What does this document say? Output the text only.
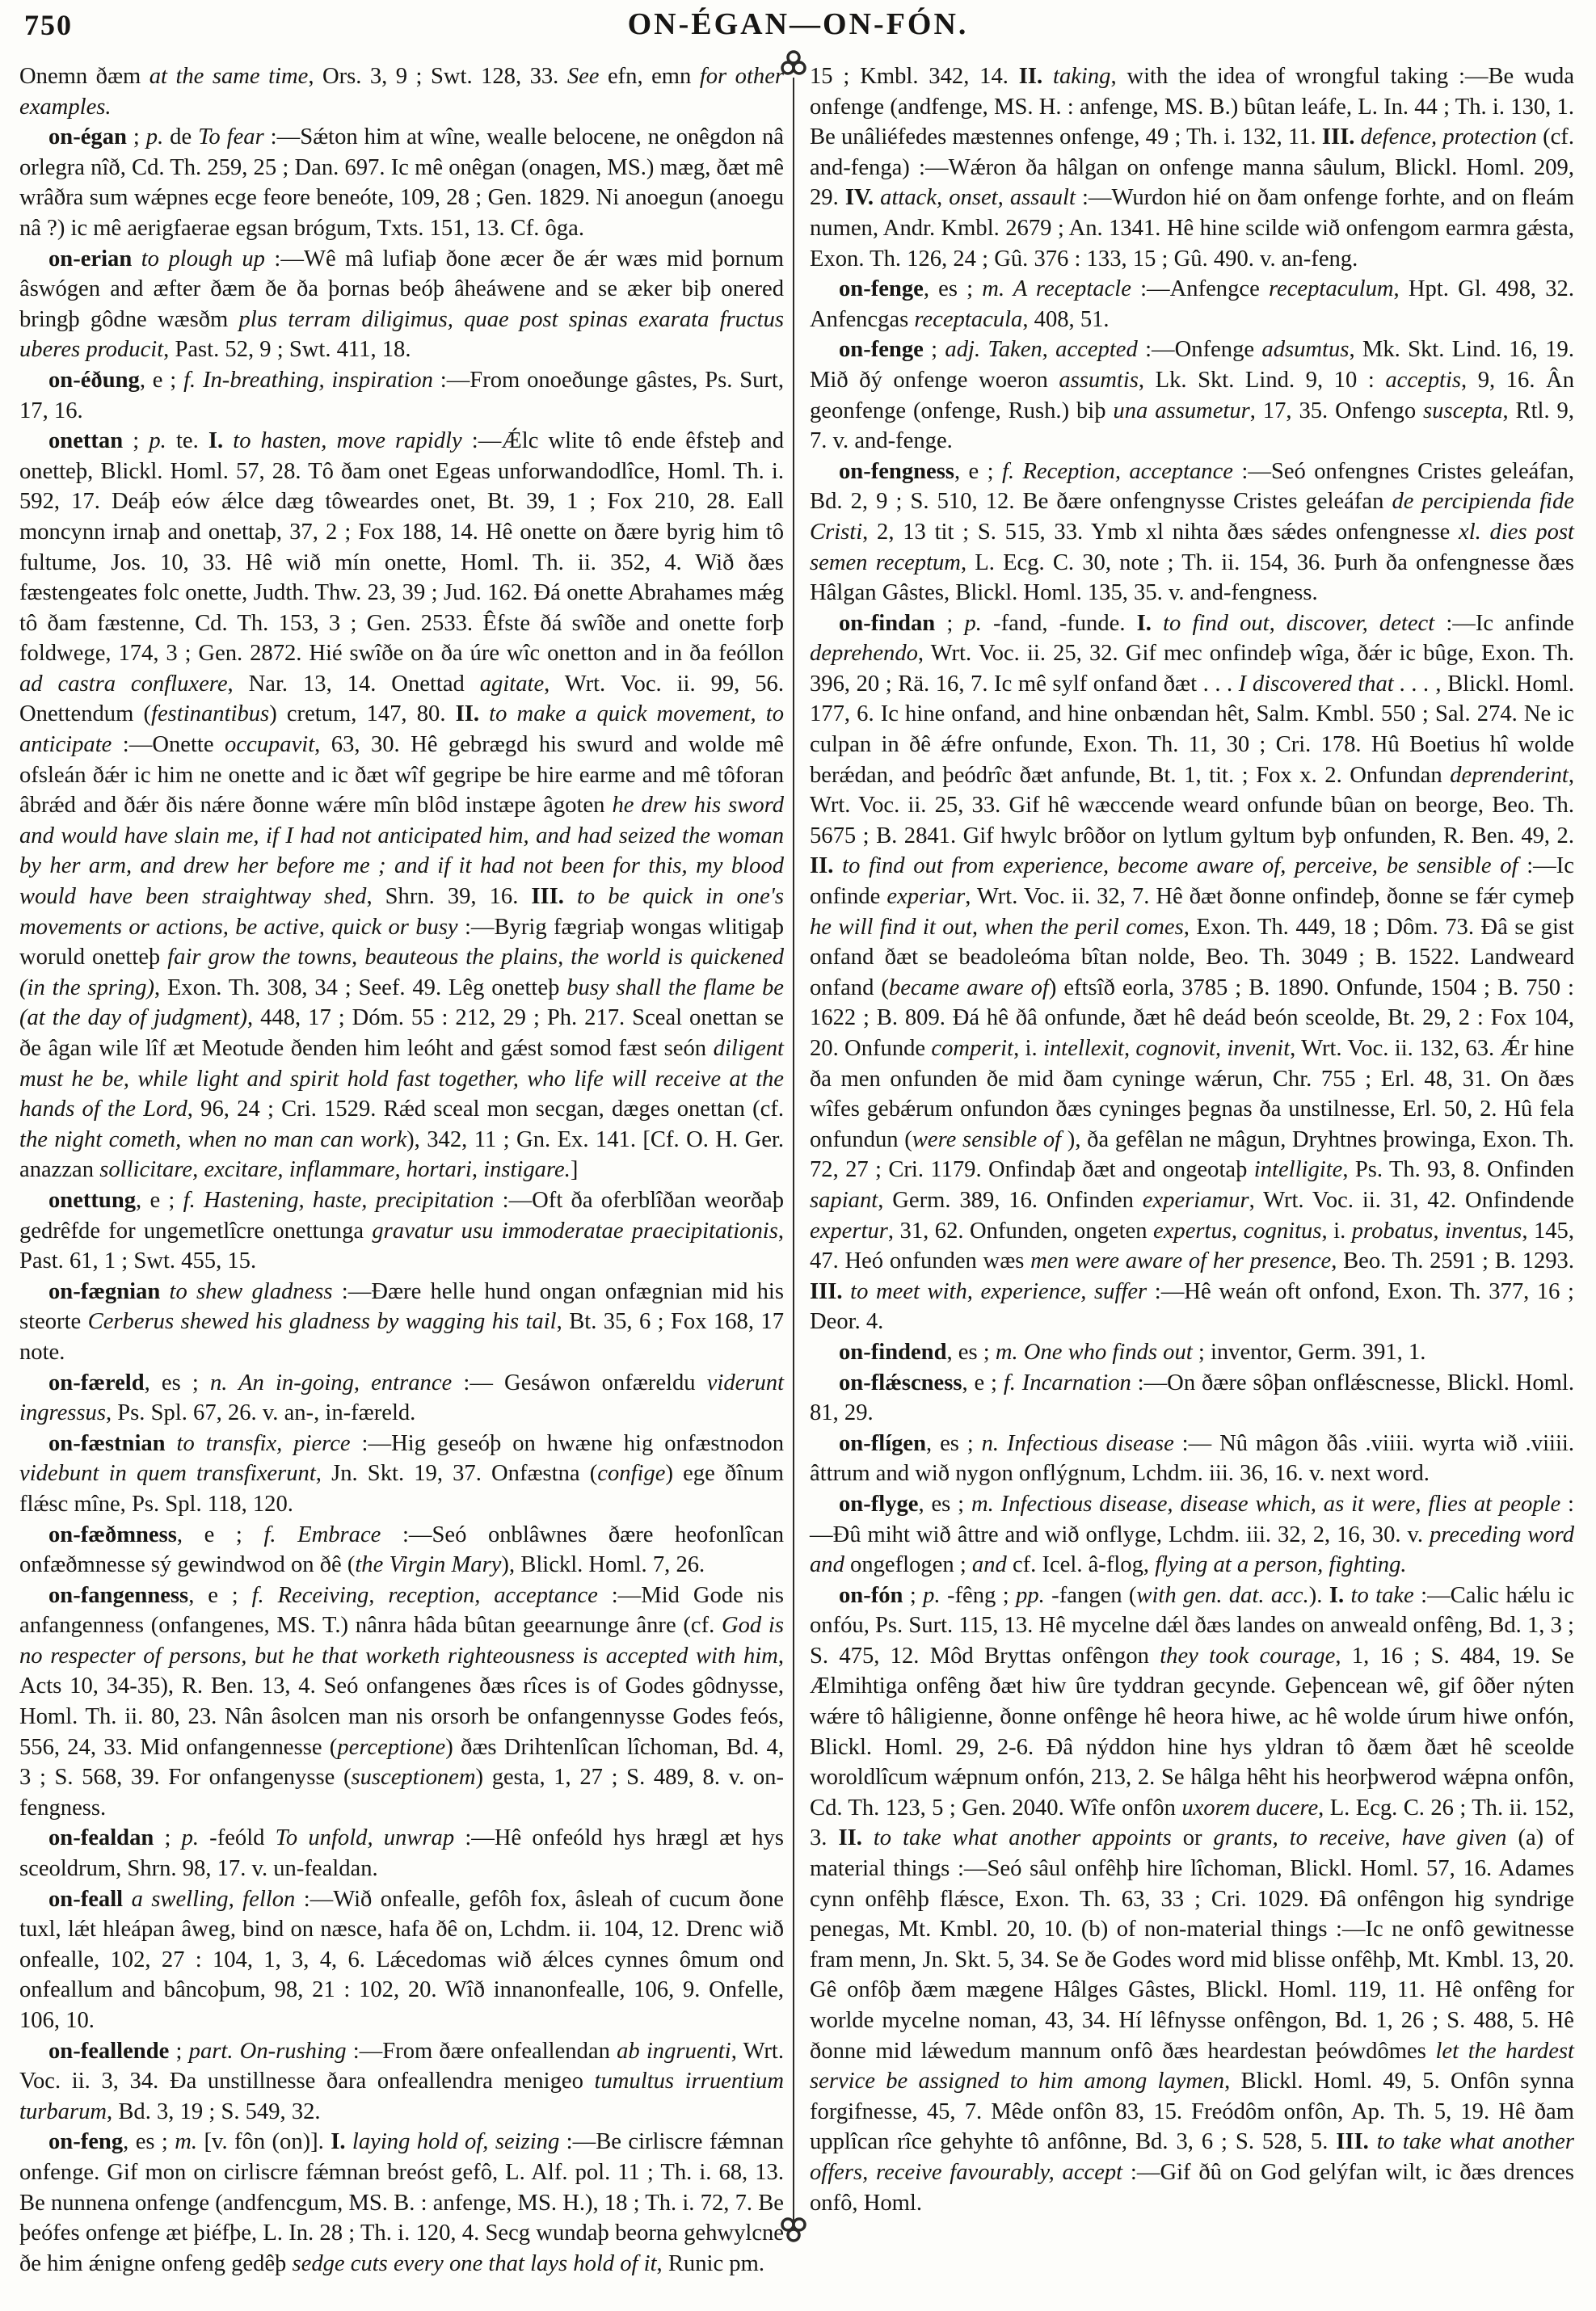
750	ON-ÉGAN—ON-FÓN.

Onemn ðæm at the same time, Ors. 3, 9 ; Swt. 128, 33. See efn, emn for other examples.

on-égan ; p. de To fear :—Sǽton him at wîne, wealle belocene, ne onêgdon nâ orlegra nîð, Cd. Th. 259, 25 ; Dan. 697. Ic mê onêgan (onagen, MS.) mæg, ðæt mê wrâðra sum wǽpnes ecge feore beneóte, 109, 28 ; Gen. 1829. Ni anoegun (anoegu nâ ?) ic mê aerigfaerae egsan brógum, Txts. 151, 13. Cf. ôga.

on-erian to plough up :—Wê mâ lufiaþ ðone æcer ðe ǽr wæs mid þornum âswógen and æfter ðæm ðe ða þornas beóþ âheáwene and se æker biþ onered bringþ gôdne wæsðm plus terram diligimus, quae post spinas exarata fructus uberes producit, Past. 52, 9 ; Swt. 411, 18.

on-éðung, e ; f. In-breathing, inspiration :—From onoeðunge gâstes, Ps. Surt, 17, 16.

onettan ; p. te. I. to hasten, move rapidly :—Ǽlc wlite tô ende êfsteþ and onetteþ, Blickl. Homl. 57, 28. Tô ðam onet Egeas unforwandodlîce, Homl. Th. i. 592, 17. Deáþ eów ǽlce dæg tôweardes onet, Bt. 39, 1 ; Fox 210, 28. Eall moncynn irnaþ and onettaþ, 37, 2 ; Fox 188, 14. Hê onette on ðære byrig him tô fultume, Jos. 10, 33. Hê wið mín onette, Homl. Th. ii. 352, 4. Wið ðæs fæstengeates folc onette, Judth. Thw. 23, 39 ; Jud. 162. Ðá onette Abrahames mǽg tô ðam fæstenne, Cd. Th. 153, 3 ; Gen. 2533. Êfste ðá swîðe and onette forþ foldwege, 174, 3 ; Gen. 2872. Hié swîðe on ða úre wîc onetton and in ða feóllon ad castra confluxere, Nar. 13, 14. Onettad agitate, Wrt. Voc. ii. 99, 56. Onettendum (festinantibus) cretum, 147, 80. II. to make a quick movement, to anticipate :—Onette occupavit, 63, 30. Hê gebrægd his swurd and wolde mê ofsleán ðǽr ic him ne onette and ic ðæt wîf gegripe be hire earme and mê tôforan âbrǽd and ðǽr ðis nǽre ðonne wǽre mîn blôd instæpe âgoten he drew his sword and would have slain me, if I had not anticipated him, and had seized the woman by her arm, and drew her before me ; and if it had not been for this, my blood would have been straightway shed, Shrn. 39, 16. III. to be quick in one's movements or actions, be active, quick or busy :—Byrig fægriaþ wongas wlitigaþ woruld onetteþ fair grow the towns, beauteous the plains, the world is quickened (in the spring), Exon. Th. 308, 34 ; Seef. 49. Lêg onetteþ busy shall the flame be (at the day of judgment), 448, 17 ; Dóm. 55 : 212, 29 ; Ph. 217. Sceal onettan se ðe âgan wile lîf æt Meotude ðenden him leóht and gǽst somod fæst seón diligent must he be, while light and spirit hold fast together, who life will receive at the hands of the Lord, 96, 24 ; Cri. 1529. Rǽd sceal mon secgan, dæges onettan (cf. the night cometh, when no man can work), 342, 11 ; Gn. Ex. 141. [Cf. O. H. Ger. anazzan sollicitare, excitare, inflammare, hortari, instigare.]

onettung, e ; f. Hastening, haste, precipitation :—Oft ða oferblîðan weorðaþ gedrêfde for ungemetlîcre onettunga gravatur usu immoderatae praecipitationis, Past. 61, 1 ; Swt. 455, 15.

on-fægnian to shew gladness :—Ðære helle hund ongan onfægnian mid his steorte Cerberus shewed his gladness by wagging his tail, Bt. 35, 6 ; Fox 168, 17 note.

on-færeld, es ; n. An in-going, entrance :— Gesáwon onfæreldu viderunt ingressus, Ps. Spl. 67, 26. v. an-, in-færeld.

on-fæstnian to transfix, pierce :—Hig geseóþ on hwæne hig onfæstnodon videbunt in quem transfixerunt, Jn. Skt. 19, 37. Onfæstna (confige) ege ðînum flǽsc mîne, Ps. Spl. 118, 120.

on-fæðmness, e ; f. Embrace :—Seó onblâwnes ðære heofonlîcan onfæðmnesse sý gewindwod on ðê (the Virgin Mary), Blickl. Homl. 7, 26.

on-fangenness, e ; f. Receiving, reception, acceptance :—Mid Gode nis anfangenness (onfangenes, MS. T.) nânra hâda bûtan geearnunge ânre (cf. God is no respecter of persons, but he that worketh righteousness is accepted with him, Acts 10, 34-35), R. Ben. 13, 4. Seó onfangenes ðæs rîces is of Godes gôdnysse, Homl. Th. ii. 80, 23. Nân âsolcen man nis orsorh be onfangennysse Godes feós, 556, 24, 33. Mid onfangennesse (perceptione) ðæs Drihtenlîcan lîchoman, Bd. 4, 3 ; S. 568, 39. For onfangenysse (susceptionem) gesta, 1, 27 ; S. 489, 8. v. on-fengness.

on-fealdan ; p. -feóld To unfold, unwrap :—Hê onfeóld hys hrægl æt hys sceoldrum, Shrn. 98, 17. v. un-fealdan.

on-feall a swelling, fellon :—Wið onfealle, gefôh fox, âsleah of cucum ðone tuxl, lǽt hleápan âweg, bind on næsce, hafa ðê on, Lchdm. ii. 104, 12. Drenc wið onfealle, 102, 27 : 104, 1, 3, 4, 6. Lǽcedomas wið ǽlces cynnes ômum ond onfeallum and bâncoþum, 98, 21 : 102, 20. Wîð innanonfealle, 106, 9. Onfelle, 106, 10.

on-feallende ; part. On-rushing :—From ðære onfeallendan ab ingruenti, Wrt. Voc. ii. 3, 34. Ða unstillnesse ðara onfeallendra menigeo tumultus irruentium turbarum, Bd. 3, 19 ; S. 549, 32.

on-feng, es ; m. [v. fôn (on)]. I. laying hold of, seizing :—Be cirliscre fǽmnan onfenge. Gif mon on cirliscre fǽmnan breóst gefô, L. Alf. pol. 11 ; Th. i. 68, 13. Be nunnena onfenge (andfencgum, MS. B. : anfenge, MS. H.), 18 ; Th. i. 72, 7. Be þeófes onfenge æt þiéfþe, L. In. 28 ; Th. i. 120, 4. Secg wundaþ beorna gehwylcne ðe him ǽnigne onfeng gedêþ sedge cuts every one that lays hold of it, Runic pm.

15 ; Kmbl. 342, 14. II. taking, with the idea of wrongful taking :—Be wuda onfenge (andfenge, MS. H. : anfenge, MS. B.) bûtan leáfe, L. In. 44 ; Th. i. 130, 1. Be unâliéfedes mæstennes onfenge, 49 ; Th. i. 132, 11. III. defence, protection (cf. and-fenga) :—Wǽron ða hâlgan on onfenge manna sâulum, Blickl. Homl. 209, 29. IV. attack, onset, assault :—Wurdon hié on ðam onfenge forhte, and on fleám numen, Andr. Kmbl. 2679 ; An. 1341. Hê hine scilde wið onfengom earmra gǽsta, Exon. Th. 126, 24 ; Gû. 376 : 133, 15 ; Gû. 490. v. an-feng.

on-fenge, es ; m. A receptacle :—Anfengce receptaculum, Hpt. Gl. 498, 32. Anfencgas receptacula, 408, 51.

on-fenge ; adj. Taken, accepted :—Onfenge adsumtus, Mk. Skt. Lind. 16, 19. Mið ðý onfenge woeron assumtis, Lk. Skt. Lind. 9, 10 : acceptis, 9, 16. Ân geonfenge (onfenge, Rush.) biþ una assumetur, 17, 35. Onfengo suscepta, Rtl. 9, 7. v. and-fenge.

on-fengness, e ; f. Reception, acceptance :—Seó onfengnes Cristes geleáfan, Bd. 2, 9 ; S. 510, 12. Be ðære onfengnysse Cristes geleáfan de percipienda fide Cristi, 2, 13 tit ; S. 515, 33. Ymb xl nihta ðæs sǽdes onfengnesse xl. dies post semen receptum, L. Ecg. C. 30, note ; Th. ii. 154, 36. Þurh ða onfengnesse ðæs Hâlgan Gâstes, Blickl. Homl. 135, 35. v. and-fengness.

on-findan ; p. -fand, -funde. I. to find out, discover, detect :—Ic anfinde deprehendo, Wrt. Voc. ii. 25, 32. Gif mec onfindeþ wîga, ðǽr ic bûge, Exon. Th. 396, 20 ; Rä. 16, 7. Ic mê sylf onfand ðæt . . . I discovered that . . . , Blickl. Homl. 177, 6. Ic hine onfand, and hine onbændan hêt, Salm. Kmbl. 550 ; Sal. 274. Ne ic culpan in ðê ǽfre onfunde, Exon. Th. 11, 30 ; Cri. 178. Hû Boetius hî wolde berǽdan, and þeódrîc ðæt anfunde, Bt. 1, tit. ; Fox x. 2. Onfundan deprenderint, Wrt. Voc. ii. 25, 33. Gif hê wæccende weard onfunde bûan on beorge, Beo. Th. 5675 ; B. 2841. Gif hwylc brôðor on lytlum gyltum byþ onfunden, R. Ben. 49, 2. II. to find out from experience, become aware of, perceive, be sensible of :—Ic onfinde experiar, Wrt. Voc. ii. 32, 7. Hê ðæt ðonne onfindeþ, ðonne se fǽr cymeþ he will find it out, when the peril comes, Exon. Th. 449, 18 ; Dôm. 73. Ðâ se gist onfand ðæt se beadoleóma bîtan nolde, Beo. Th. 3049 ; B. 1522. Landweard onfand (became aware of) eftsîð eorla, 3785 ; B. 1890. Onfunde, 1504 ; B. 750 : 1622 ; B. 809. Ðá hê ðâ onfunde, ðæt hê deád beón sceolde, Bt. 29, 2 : Fox 104, 20. Onfunde comperit, i. intellexit, cognovit, invenit, Wrt. Voc. ii. 132, 63. Ǽr hine ða men onfunden ðe mid ðam cyninge wǽrun, Chr. 755 ; Erl. 48, 31. On ðæs wîfes gebǽrum onfundon ðæs cyninges þegnas ða unstilnesse, Erl. 50, 2. Hû fela onfundun (were sensible of ), ða gefêlan ne mâgun, Dryhtnes þrowinga, Exon. Th. 72, 27 ; Cri. 1179. Onfindaþ ðæt and ongeotaþ intelligite, Ps. Th. 93, 8. Onfinden sapiant, Germ. 389, 16. Onfinden experiamur, Wrt. Voc. ii. 31, 42. Onfindende expertur, 31, 62. Onfunden, ongeten expertus, cognitus, i. probatus, inventus, 145, 47. Heó onfunden wæs men were aware of her presence, Beo. Th. 2591 ; B. 1293. III. to meet with, experience, suffer :—Hê weán oft onfond, Exon. Th. 377, 16 ; Deor. 4.

on-findend, es ; m. One who finds out ; inventor, Germ. 391, 1.

on-flǽscness, e ; f. Incarnation :—On ðære sôþan onflǽscnesse, Blickl. Homl. 81, 29.

on-flígen, es ; n. Infectious disease :— Nû mâgon ðâs .viiii. wyrta wið .viiii. âttrum and wið nygon onflýgnum, Lchdm. iii. 36, 16. v. next word.

on-flyge, es ; m. Infectious disease, disease which, as it were, flies at people :—Ðû miht wið âttre and wið onflyge, Lchdm. iii. 32, 2, 16, 30. v. preceding word and ongeflogen ; and cf. Icel. â-flog, flying at a person, fighting.

on-fón ; p. -fêng ; pp. -fangen (with gen. dat. acc.). I. to take :—Calic hǽlu ic onfóu, Ps. Surt. 115, 13. Hê mycelne dǽl ðæs landes on anweald onfêng, Bd. 1, 3 ; S. 475, 12. Môd Bryttas onfêngon they took courage, 1, 16 ; S. 484, 19. Se Ælmihtiga onfêng ðæt hiw ûre tyddran gecynde. Geþencean wê, gif ôðer nýten wǽre tô hâligienne, ðonne onfênge hê heora hiwe, ac hê wolde úrum hiwe onfón, Blickl. Homl. 29, 2-6. Ðâ nýddon hine hys yldran tô ðæm ðæt hê sceolde woroldlîcum wǽpnum onfón, 213, 2. Se hâlga hêht his heorþwerod wǽpna onfôn, Cd. Th. 123, 5 ; Gen. 2040. Wîfe onfôn uxorem ducere, L. Ecg. C. 26 ; Th. ii. 152, 3. II. to take what another appoints or grants, to receive, have given (a) of material things :—Seó sâul onfêhþ hire lîchoman, Blickl. Homl. 57, 16. Adames cynn onfêhþ flǽsce, Exon. Th. 63, 33 ; Cri. 1029. Ðâ onfêngon hig syndrige penegas, Mt. Kmbl. 20, 10. (b) of non-material things :—Ic ne onfô gewitnesse fram menn, Jn. Skt. 5, 34. Se ðe Godes word mid blisse onfêhþ, Mt. Kmbl. 13, 20. Gê onfôþ ðæm mægene Hâlges Gâstes, Blickl. Homl. 119, 11. Hê onfêng for worlde mycelne noman, 43, 34. Hí lêfnysse onfêngon, Bd. 1, 26 ; S. 488, 5. Hê ðonne mid lǽwedum mannum onfô ðæs heardestan þeówdômes let the hardest service be assigned to him among laymen, Blickl. Homl. 49, 5. Onfôn synna forgifnesse, 45, 7. Mêde onfôn 83, 15. Freódôm onfôn, Ap. Th. 5, 19. Hê ðam upplîcan rîce gehyhte tô anfônne, Bd. 3, 6 ; S. 528, 5. III. to take what another offers, receive favourably, accept :—Gif ðû on God gelýfan wilt, ic ðæs drences onfô, Homl.
